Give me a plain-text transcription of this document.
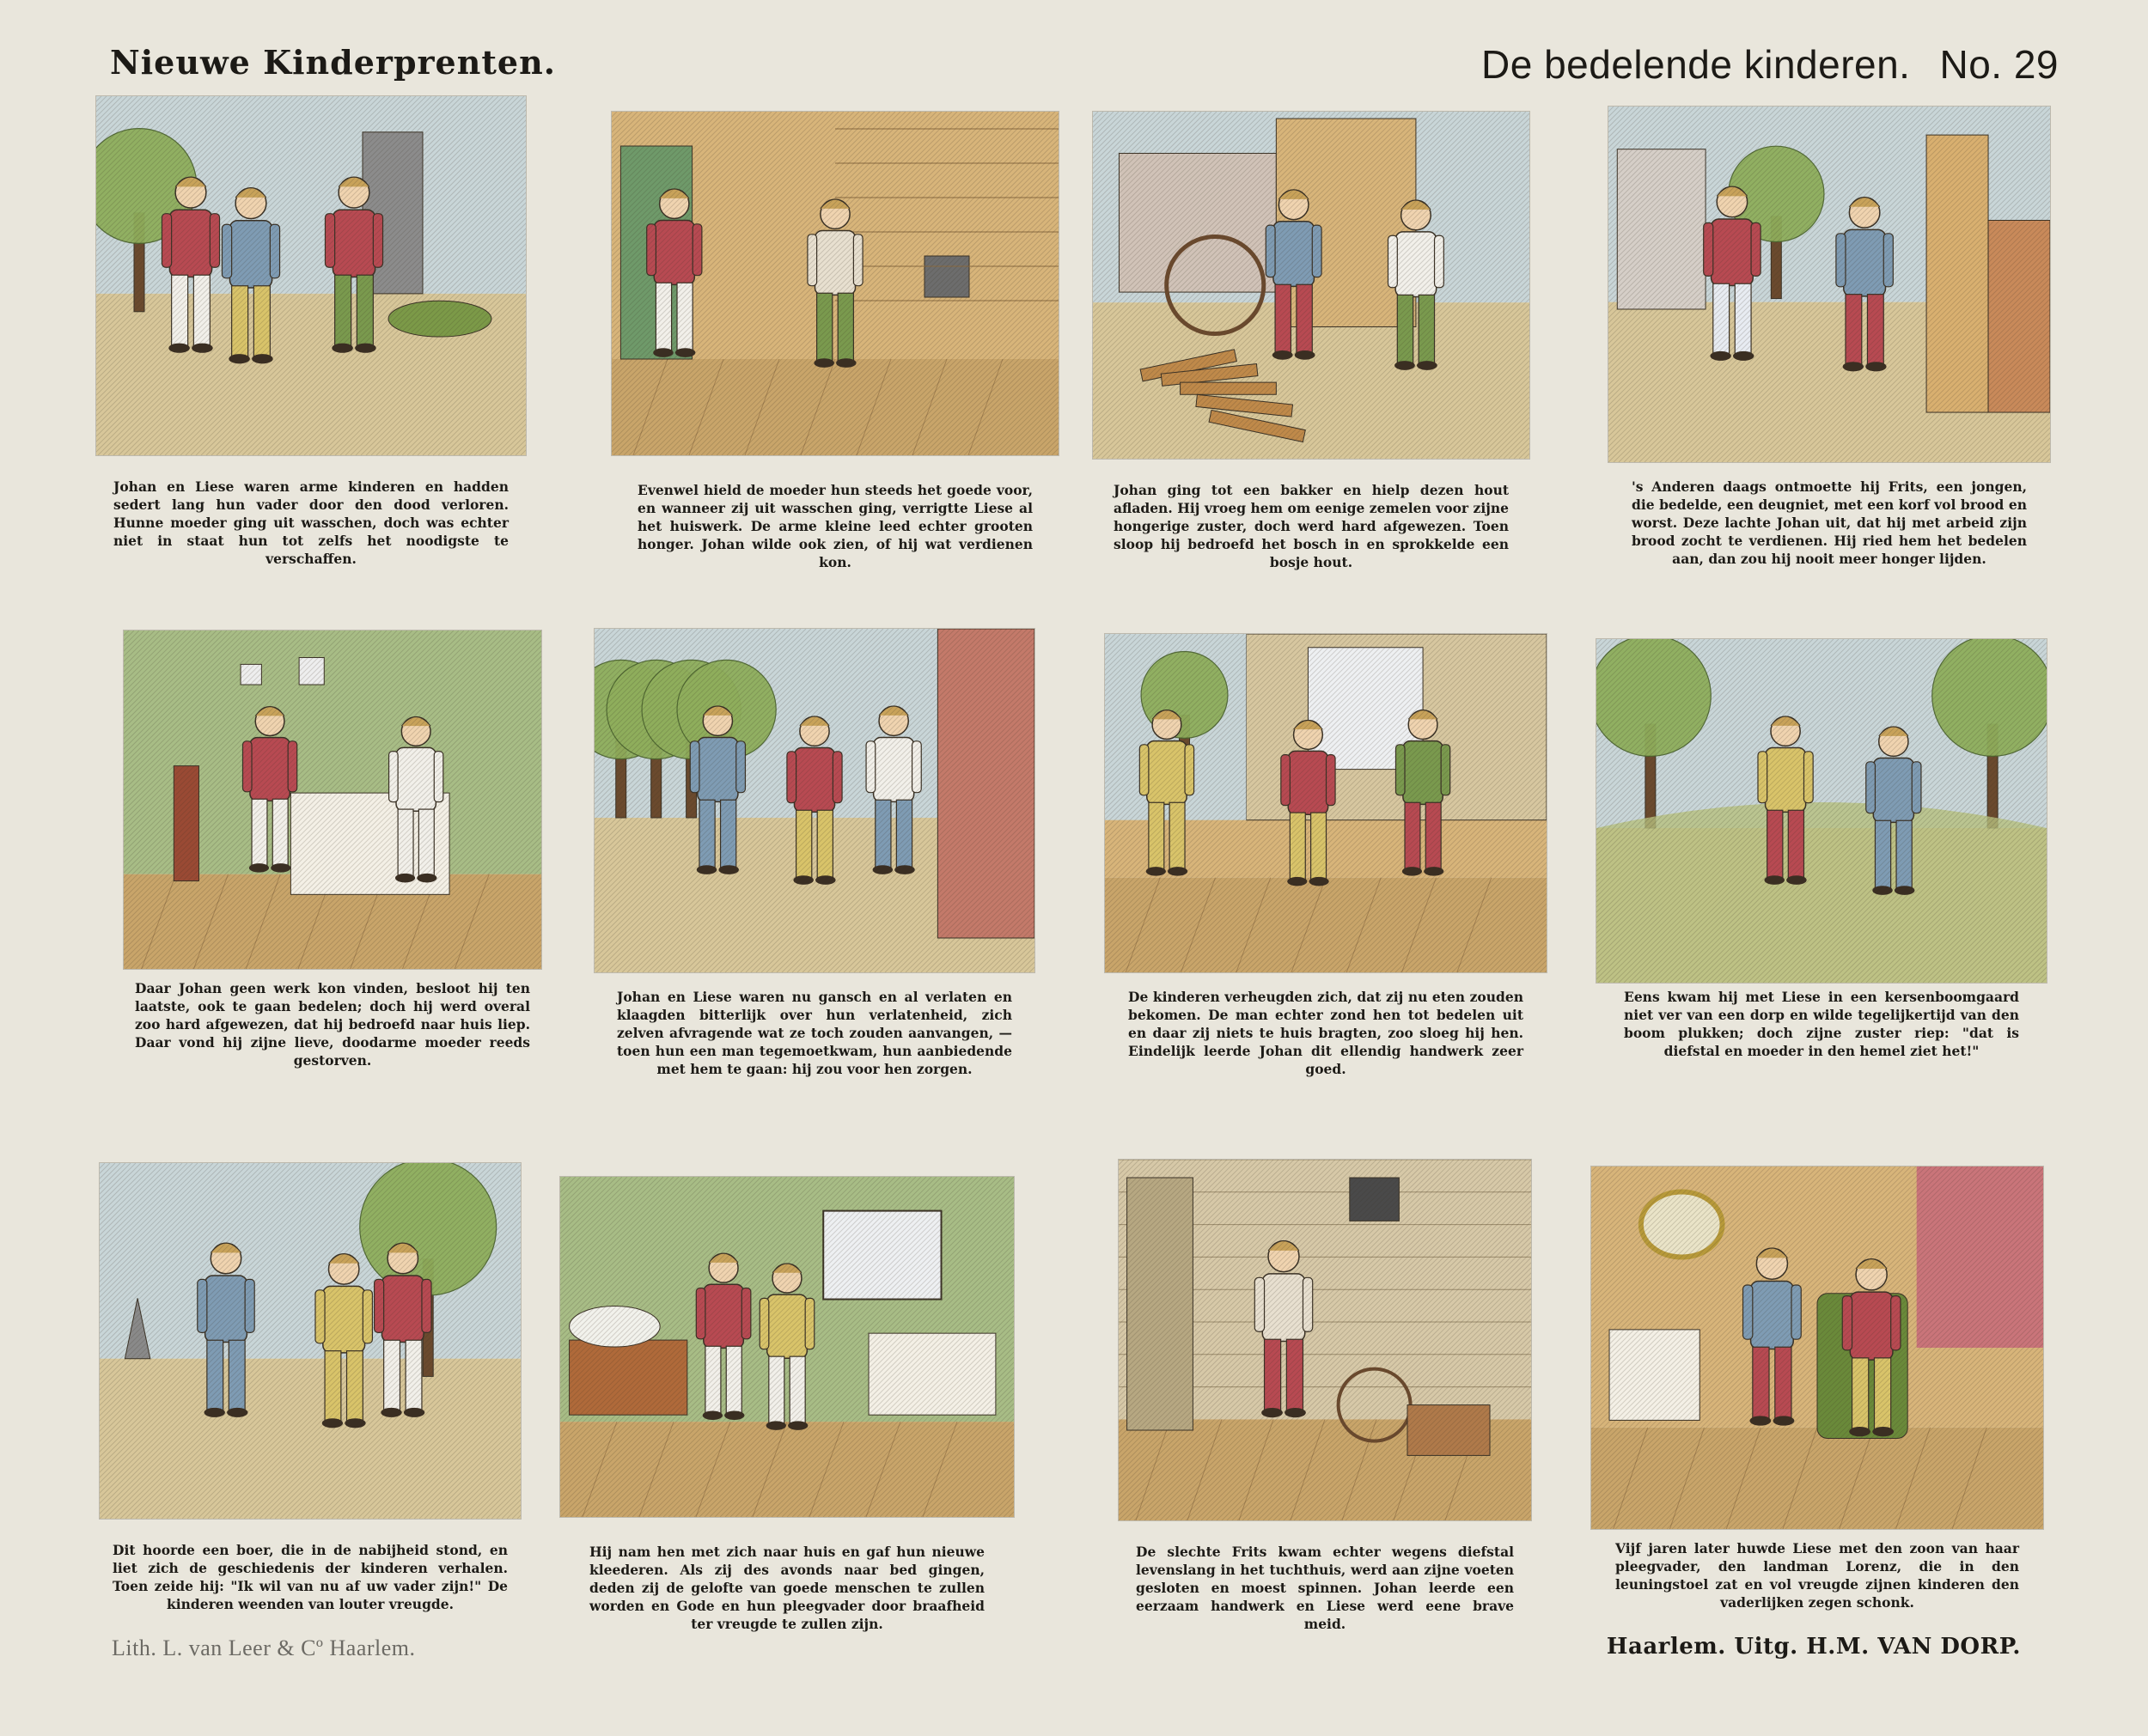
Nieuwe Kinderprenten.	De bedelende kinderen. No. 29
Johan en Liese waren arme kinderen en hadden sedert lang hun vader door den dood verloren. Hunne moeder ging uit wasschen, doch was echter niet in staat hun tot zelfs het noodigste te verschaffen.
Evenwel hield de moeder hun steeds het goede voor, en wanneer zij uit wasschen ging, verrigtte Liese al het huiswerk. De arme kleine leed echter grooten honger. Johan wilde ook zien, of hij wat verdienen kon.
Johan ging tot een bakker en hielp dezen hout afladen. Hij vroeg hem om eenige zemelen voor zijne hongerige zuster, doch werd hard afgewezen. Toen sloop hij bedroefd het bosch in en sprokkelde een bosje hout.
's Anderen daags ontmoette hij Frits, een jongen, die bedelde, een deugniet, met een korf vol brood en worst. Deze lachte Johan uit, dat hij met arbeid zijn brood zocht te verdienen. Hij ried hem het bedelen aan, dan zou hij nooit meer honger lijden.
Daar Johan geen werk kon vinden, besloot hij ten laatste, ook te gaan bedelen; doch hij werd overal zoo hard afgewezen, dat hij bedroefd naar huis liep. Daar vond hij zijne lieve, doodarme moeder reeds gestorven.
Johan en Liese waren nu gansch en al verlaten en klaagden bitterlijk over hun verlatenheid, zich zelven afvragende wat ze toch zouden aanvangen, — toen hun een man tegemoetkwam, hun aanbiedende met hem te gaan: hij zou voor hen zorgen.
De kinderen verheugden zich, dat zij nu eten zouden bekomen. De man echter zond hen tot bedelen uit en daar zij niets te huis bragten, zoo sloeg hij hen. Eindelijk leerde Johan dit ellendig handwerk zeer goed.
Eens kwam hij met Liese in een kersenboomgaard niet ver van een dorp en wilde tegelijkertijd van den boom plukken; doch zijne zuster riep: "dat is diefstal en moeder in den hemel ziet het!"
Dit hoorde een boer, die in de nabijheid stond, en liet zich de geschiedenis der kinderen verhalen. Toen zeide hij: "Ik wil van nu af uw vader zijn!" De kinderen weenden van louter vreugde.
Hij nam hen met zich naar huis en gaf hun nieuwe kleederen. Als zij des avonds naar bed gingen, deden zij de gelofte van goede menschen te zullen worden en Gode en hun pleegvader door braafheid ter vreugde te zullen zijn.
De slechte Frits kwam echter wegens diefstal levenslang in het tuchthuis, werd aan zijne voeten gesloten en moest spinnen. Johan leerde een eerzaam handwerk en Liese werd eene brave meid.
Vijf jaren later huwde Liese met den zoon van haar pleegvader, den landman Lorenz, die in den leuningstoel zat en vol vreugde zijnen kinderen den vaderlijken zegen schonk.
Lith. L. van Leer & Cº Haarlem.	Haarlem. Uitg. H.M. VAN DORP.
